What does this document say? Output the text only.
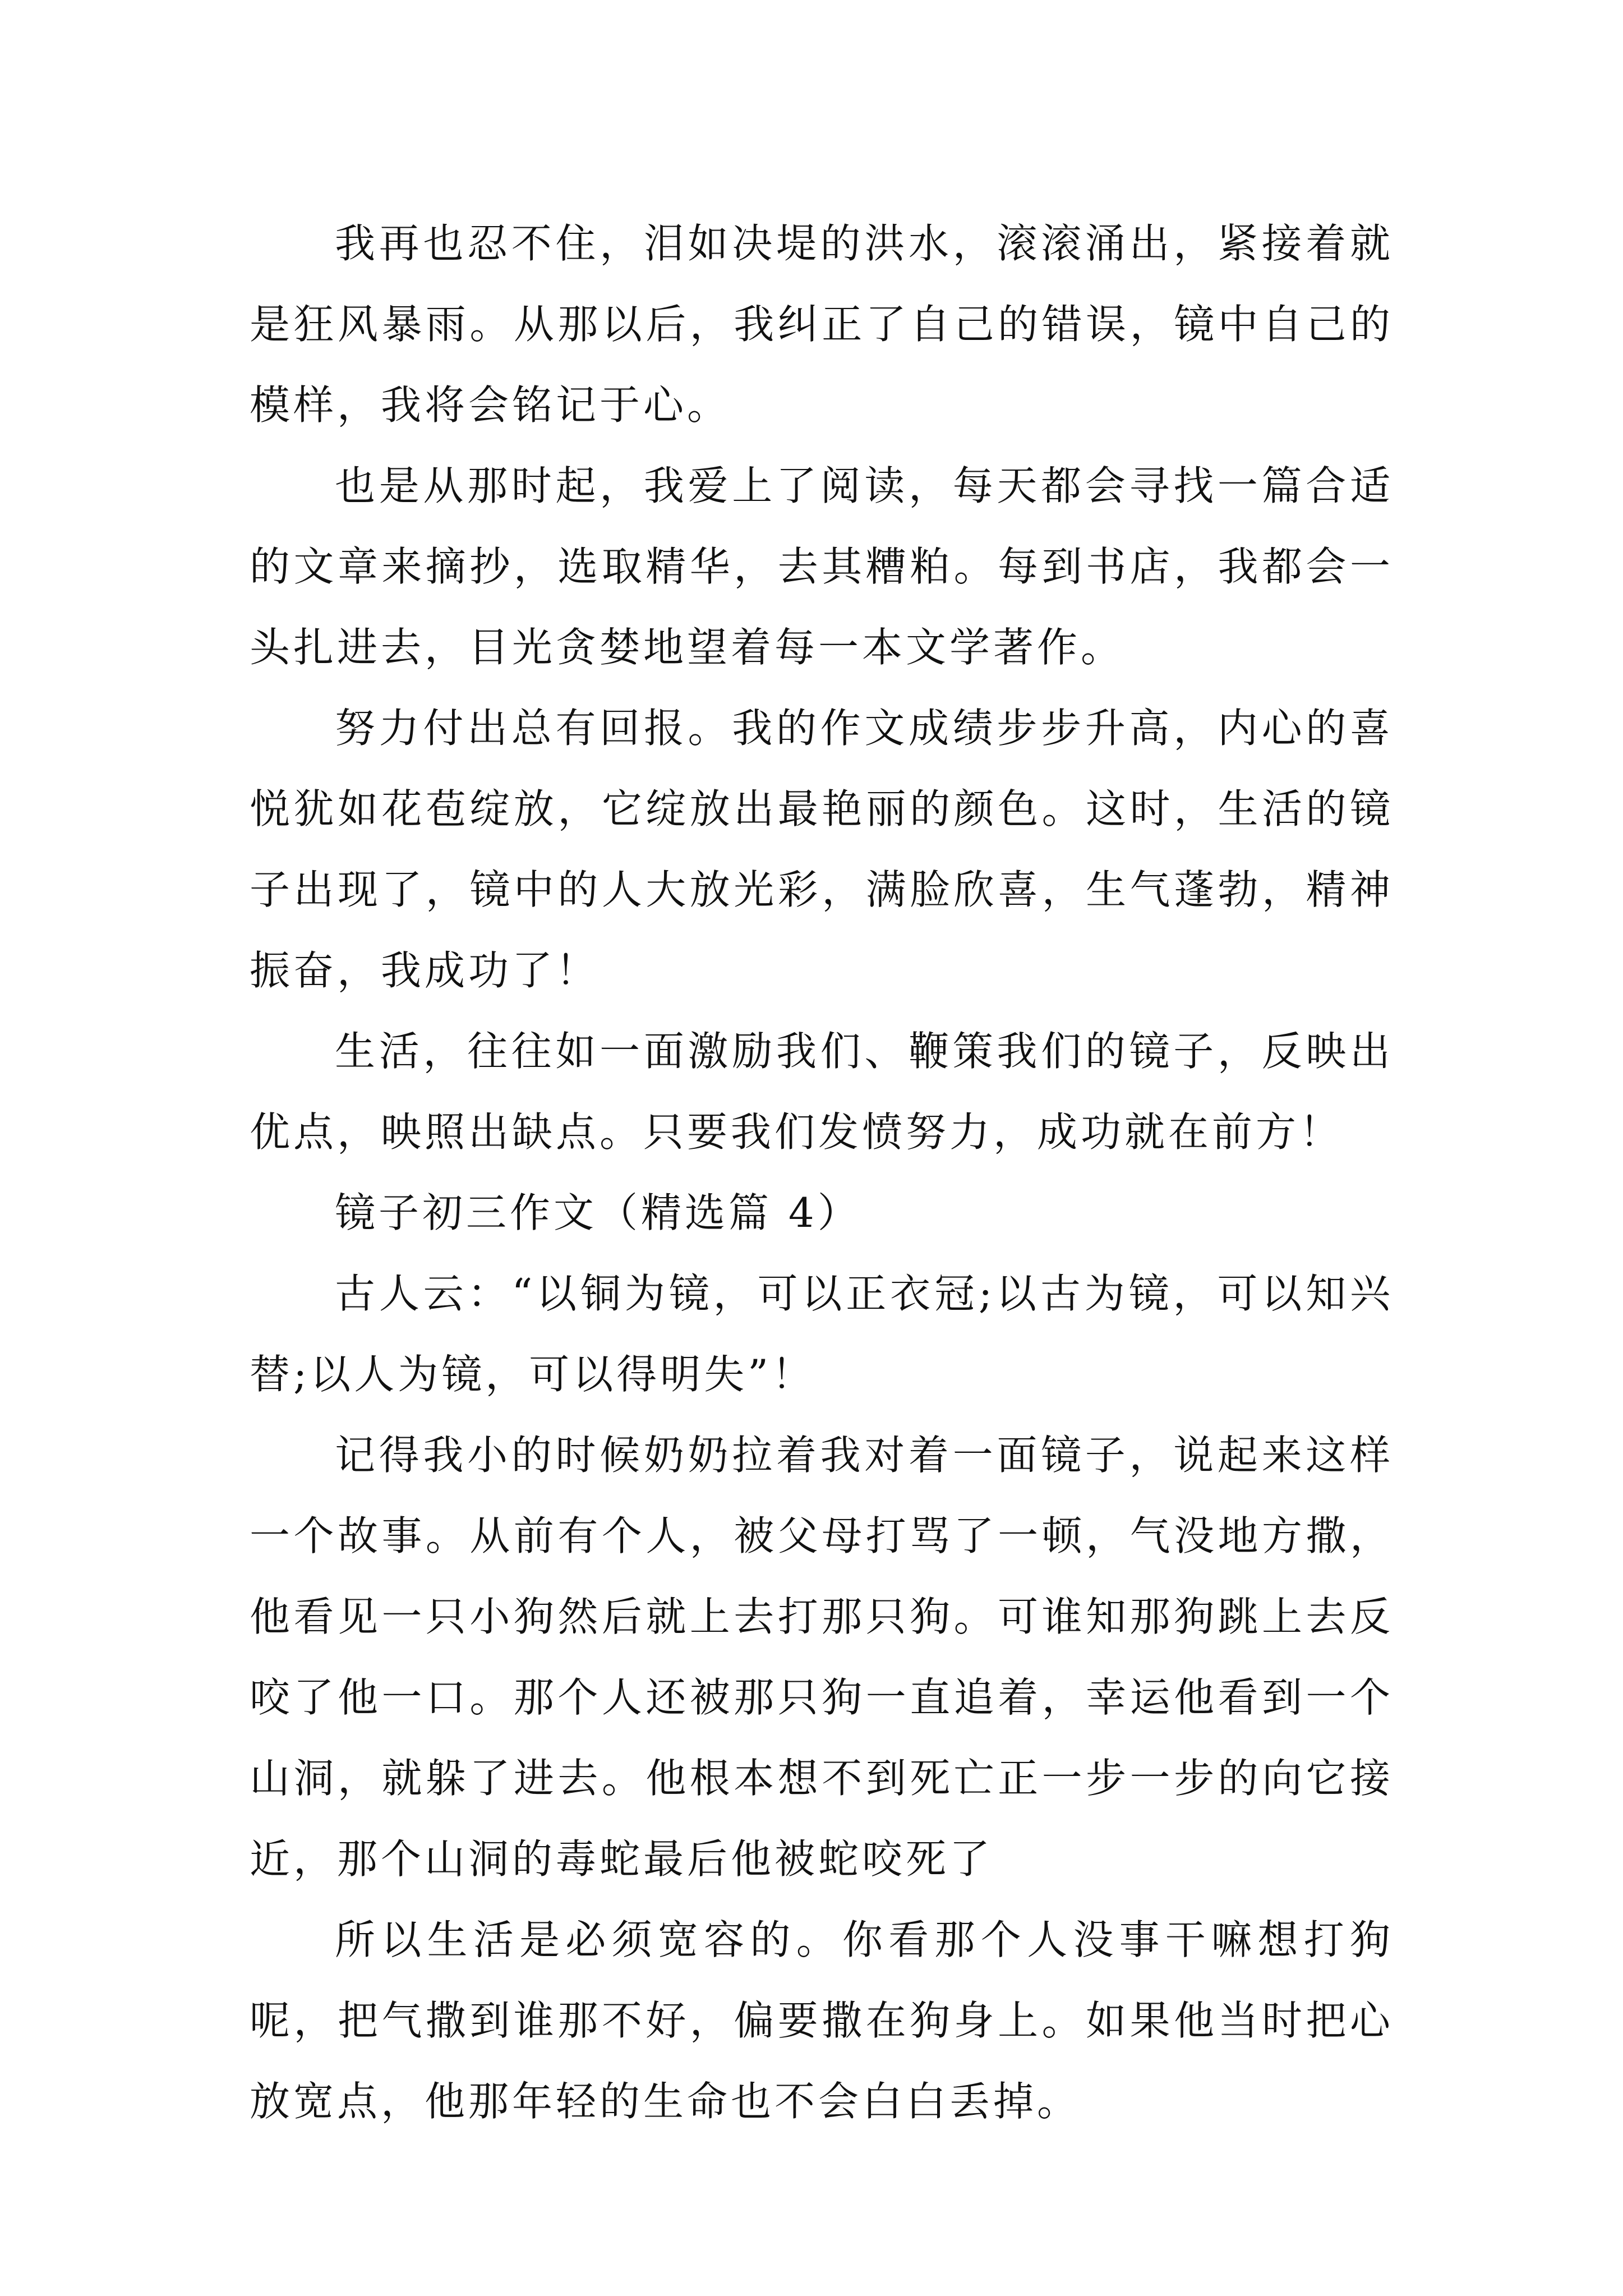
我再也忍不住，泪如决堤的洪水，滚滚涌出，紧接着就是狂风暴雨。从那以后，我纠正了自己的错误，镜中自己的模样，我将会铭记于心。

也是从那时起，我爱上了阅读，每天都会寻找一篇合适的文章来摘抄，选取精华，去其糟粕。每到书店，我都会一头扎进去，目光贪婪地望着每一本文学著作。

努力付出总有回报。我的作文成绩步步升高，内心的喜悦犹如花苞绽放，它绽放出最艳丽的颜色。这时，生活的镜子出现了，镜中的人大放光彩，满脸欣喜，生气蓬勃，精神振奋，我成功了！

生活，往往如一面激励我们、鞭策我们的镜子，反映出优点，映照出缺点。只要我们发愤努力，成功就在前方！

镜子初三作文（精选篇 4）

古人云：“以铜为镜，可以正衣冠;以古为镜，可以知兴替;以人为镜，可以得明失”！

记得我小的时候奶奶拉着我对着一面镜子，说起来这样一个故事。从前有个人，被父母打骂了一顿，气没地方撒，他看见一只小狗然后就上去打那只狗。可谁知那狗跳上去反咬了他一口。那个人还被那只狗一直追着，幸运他看到一个山洞，就躲了进去。他根本想不到死亡正一步一步的向它接近，那个山洞的毒蛇最后他被蛇咬死了

所以生活是必须宽容的。你看那个人没事干嘛想打狗呢，把气撒到谁那不好，偏要撒在狗身上。如果他当时把心放宽点，他那年轻的生命也不会白白丢掉。
